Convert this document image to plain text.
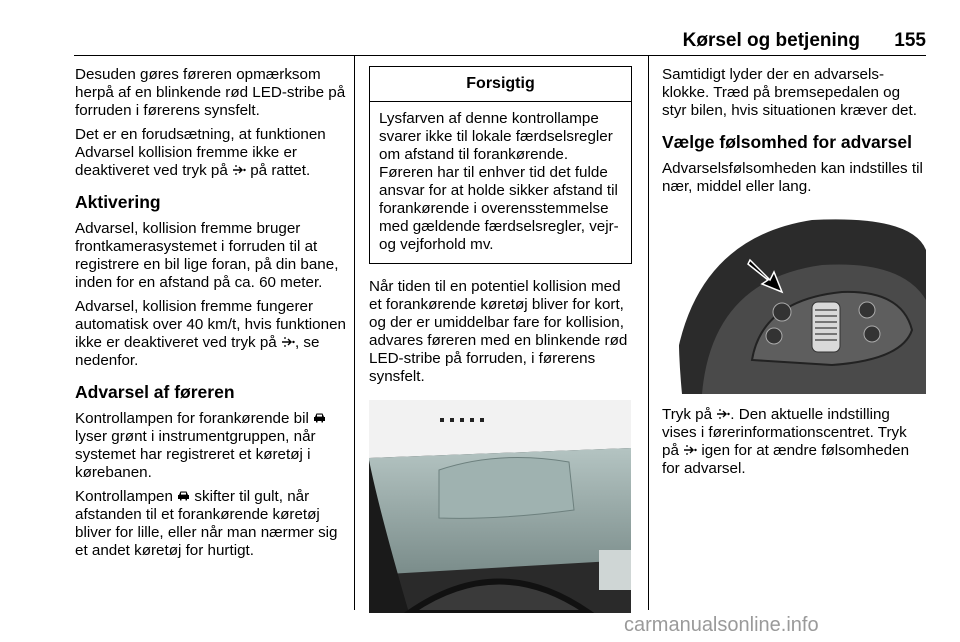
Kørsel og betjening 155

Desuden gøres føreren opmærksom herpå af en blinkende rød LED-stribe på forruden i førerens synsfelt.

Det er en forudsætning, at funktionen Advarsel kollision fremme ikke er deaktiveret ved tryk på  på rattet.

Aktivering

Advarsel, kollision fremme bruger frontkamerasystemet i forruden til at registrere en bil lige foran, på din bane, inden for en afstand på ca. 60 meter.

Advarsel, kollision fremme fungerer automatisk over 40 km/t, hvis funktionen ikke er deaktiveret ved tryk på , se nedenfor.

Advarsel af føreren

Kontrollampen for forankørende bil  lyser grønt i instrumentgruppen, når systemet har registreret et køretøj i kørebanen.

Kontrollampen  skifter til gult, når afstanden til et forankørende køretøj bliver for lille, eller når man nærmer sig et andet køretøj for hurtigt.

Forsigtig
Lysfarven af denne kontrollampe svarer ikke til lokale færdselsregler om afstand til forankørende. Føreren har til enhver tid det fulde ansvar for at holde sikker afstand til forankørende i overensstemmelse med gældende færdselsregler, vejr- og vejforhold mv.

Når tiden til en potentiel kollision med et forankørende køretøj bliver for kort, og der er umiddelbar fare for kollision, advares føreren med en blinkende rød LED-stribe på forruden, i førerens synsfelt.

Samtidigt lyder der en advarselsklokke. Træd på bremsepedalen og styr bilen, hvis situationen kræver det.

Vælge følsomhed for advarsel

Advarselsfølsomheden kan indstilles til nær, middel eller lang.

Tryk på . Den aktuelle indstilling vises i førerinformationscentret. Tryk på  igen for at ændre følsomheden for advarsel.

carmanualsonline.info
